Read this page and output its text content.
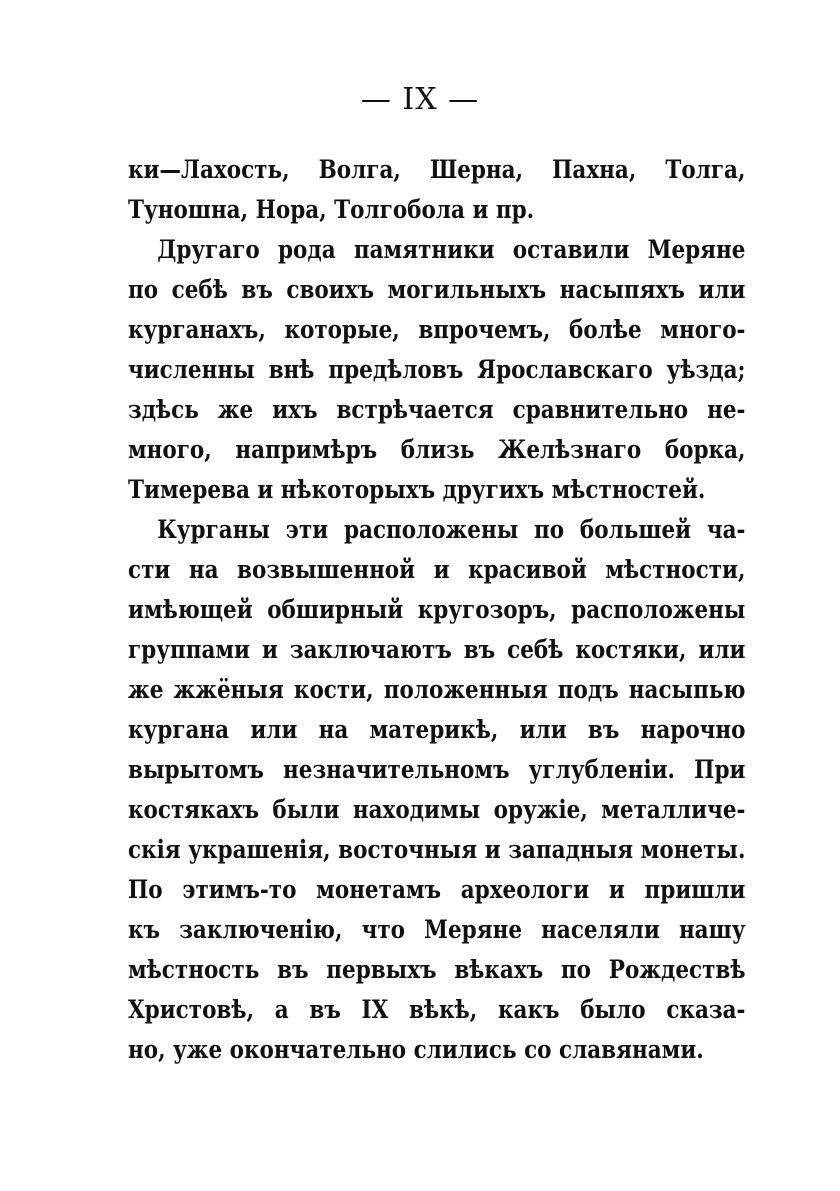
— IX —
ки—Лахость, Волга, Шерна, Пахна, Толга,
Туношна, Нора, Толгобола и пр.
Другаго рода памятники оставили Меряне
по себѣ въ своихъ могильныхъ насыпяхъ или
курганахъ, которые, впрочемъ, болѣе много-
численны внѣ предѣловъ Ярославскаго уѣзда;
здѣсь же ихъ встрѣчается сравнительно не-
много, напримѣръ близь Желѣзнаго борка,
Тимерева и нѣкоторыхъ другихъ мѣстностей.
Курганы эти расположены по большей ча-
сти на возвышенной и красивой мѣстности,
имѣющей обширный кругозоръ, расположены
группами и заключаютъ въ себѣ костяки, или
же жжёныя кости, положенныя подъ насыпью
кургана или на материкѣ, или въ нарочно
вырытомъ незначительномъ углубленіи. При
костякахъ были находимы оружіе, металличе-
скія украшенія, восточныя и западныя монеты.
По этимъ-то монетамъ археологи и пришли
къ заключенію, что Меряне населяли нашу
мѣстность въ первыхъ вѣкахъ по Рождествѣ
Христовѣ, а въ IX вѣкѣ, какъ было сказа-
но, уже окончательно слились со славянами.
